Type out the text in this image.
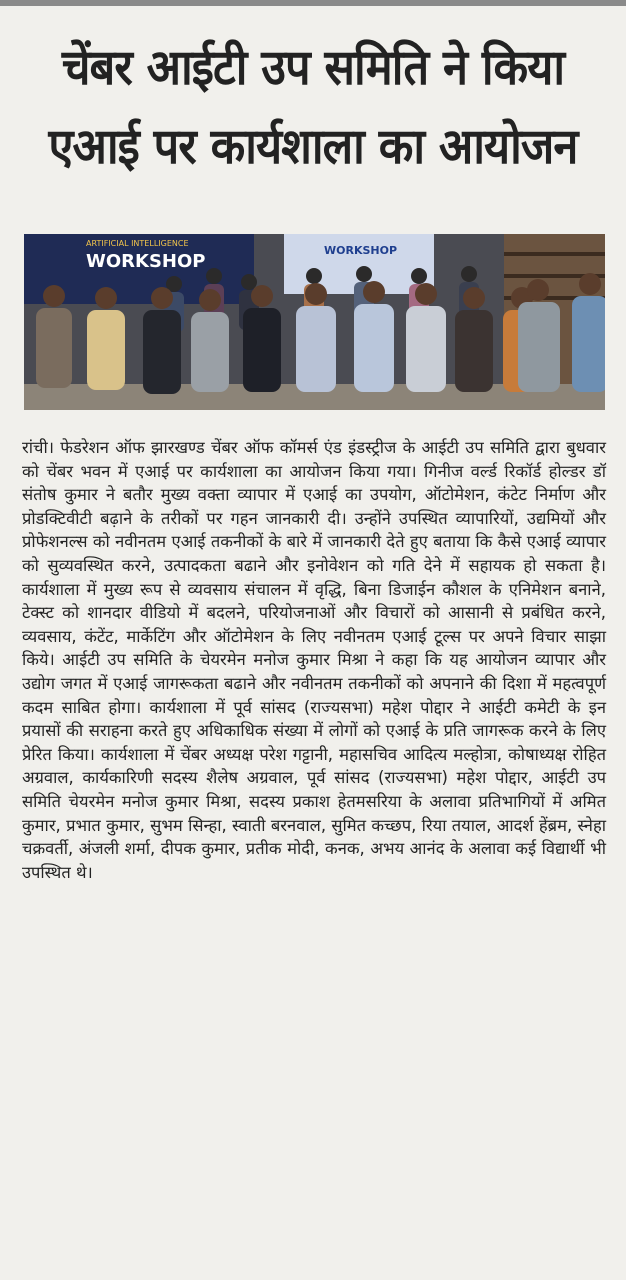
चेंबर आईटी उप समिति ने किया
एआई पर कार्यशाला का आयोजन
ARTIFICIAL INTELLIGENCE
WORKSHOP
WORKSHOP

रांची। फेडरेशन ऑफ झारखण्ड चेंबर ऑफ कॉमर्स एंड इंडस्ट्रीज के आईटी उप समिति द्वारा बुधवार को चेंबर भवन में एआई पर कार्यशाला का आयोजन किया गया। गिनीज वर्ल्ड रिकॉर्ड होल्डर डॉ संतोष कुमार ने बतौर मुख्य वक्ता व्यापार में एआई का उपयोग, ऑटोमेशन, कंटेट निर्माण और प्रोडक्टिवीटी बढ़ाने के तरीकों पर गहन जानकारी दी। उन्होंने उपस्थित व्यापारियों, उद्यमियों और प्रोफेशनल्स को नवीनतम एआई तकनीकों के बारे में जानकारी देते हुए बताया कि कैसे एआई व्यापार को सुव्यवस्थित करने, उत्पादकता बढाने और इनोवेशन को गति देने में सहायक हो सकता है। कार्यशाला में मुख्य रूप से व्यवसाय संचालन में वृद्धि, बिना डिजाईन कौशल के एनिमेशन बनाने, टेक्स्ट को शानदार वीडियो में बदलने, परियोजनाओं और विचारों को आसानी से प्रबंधित करने, व्यवसाय, कंटेंट, मार्केटिंग और ऑटोमेशन के लिए नवीनतम एआई टूल्स पर अपने विचार साझा किये। आईटी उप समिति के चेयरमेन मनोज कुमार मिश्रा ने कहा कि यह आयोजन व्यापार और उद्योग जगत में एआई जागरूकता बढाने और नवीनतम तकनीकों को अपनाने की दिशा में महत्वपूर्ण कदम साबित होगा। कार्यशाला में पूर्व सांसद (राज्यसभा) महेश पोद्दार ने आईटी कमेटी के इन प्रयासों की सराहना करते हुए अधिकाधिक संख्या में लोगों को एआई के प्रति जागरूक करने के लिए प्रेरित किया। कार्यशाला में चेंबर अध्यक्ष परेश गट्टानी, महासचिव आदित्य मल्होत्रा, कोषाध्यक्ष रोहित अग्रवाल, कार्यकारिणी सदस्य शैलेष अग्रवाल, पूर्व सांसद (राज्यसभा) महेश पोद्दार, आईटी उप समिति चेयरमेन मनोज कुमार मिश्रा, सदस्य प्रकाश हेतमसरिया के अलावा प्रतिभागियों में अमित कुमार, प्रभात कुमार, सुभम सिन्हा, स्वाती बरनवाल, सुमित कच्छप, रिया तयाल, आदर्श हेंब्रम, स्नेहा चक्रवर्ती, अंजली शर्मा, दीपक कुमार, प्रतीक मोदी, कनक, अभय आनंद के अलावा कई विद्यार्थी भी उपस्थित थे।
